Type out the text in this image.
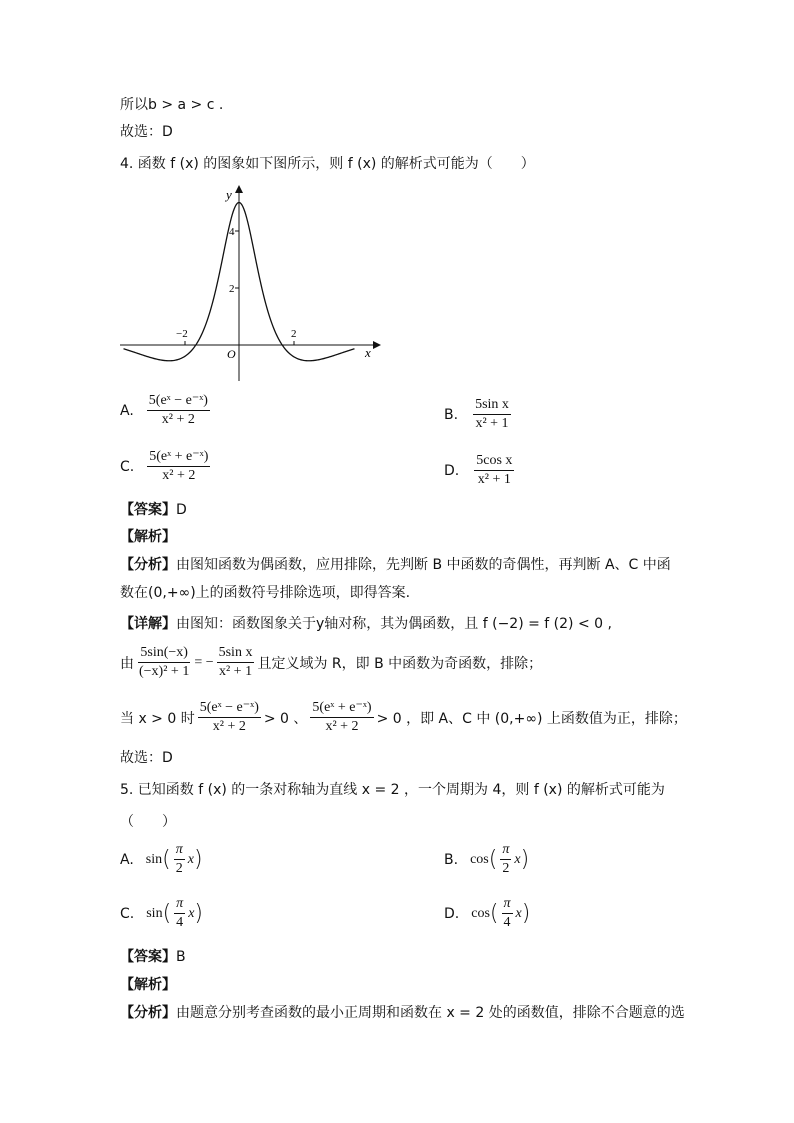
所以b > a > c .
故选：D
4. 函数 f (x) 的图象如下图所示，则 f (x) 的解析式可能为（　　）
y
x
O
4
2
−2	2
A. $\frac{\text{5(eˣ − e⁻ˣ)}}{\text{x² + 2}}$	B. $\frac{\text{5sin x}}{\text{x² + 1}}$
C. $\frac{\text{5(eˣ + e⁻ˣ)}}{\text{x² + 2}}$	D. $\frac{\text{5cos x}}{\text{x² + 1}}$
【答案】D
【解析】
【分析】由图知函数为偶函数，应用排除，先判断 B 中函数的奇偶性，再判断 A、C 中函
数在(0,+∞)上的函数符号排除选项，即得答案.
【详解】由图知：函数图象关于y轴对称，其为偶函数，且 f (−2) = f (2) < 0 ,
由 $\frac{5\sin(-x)}{\text{(−x)² + 1}}$ = − $\frac{\text{5sin x}}{\text{x² + 1}}$ 且定义域为 R，即 B 中函数为奇函数，排除；
当 x > 0 时 $\frac{\text{5(eˣ − e⁻ˣ)}}{\text{x² + 2}} > 0$ 、 $\frac{\text{5(eˣ + e⁻ˣ)}}{\text{x² + 2}} > 0$ ，即 A、C 中 (0,+∞) 上函数值为正，排除；
故选：D
5. 已知函数 f (x) 的一条对称轴为直线 x = 2 ，一个周期为 4，则 f (x) 的解析式可能为
（　　）
A. sin ( $\frac{\pi}{2}$ x )	B. cos ( $\frac{\pi}{2}$ x )
C. sin ( $\frac{\pi}{4}$ x )	D. cos ( $\frac{\pi}{4}$ x )
【答案】B
【解析】
【分析】由题意分别考查函数的最小正周期和函数在 x = 2 处的函数值，排除不合题意的选
